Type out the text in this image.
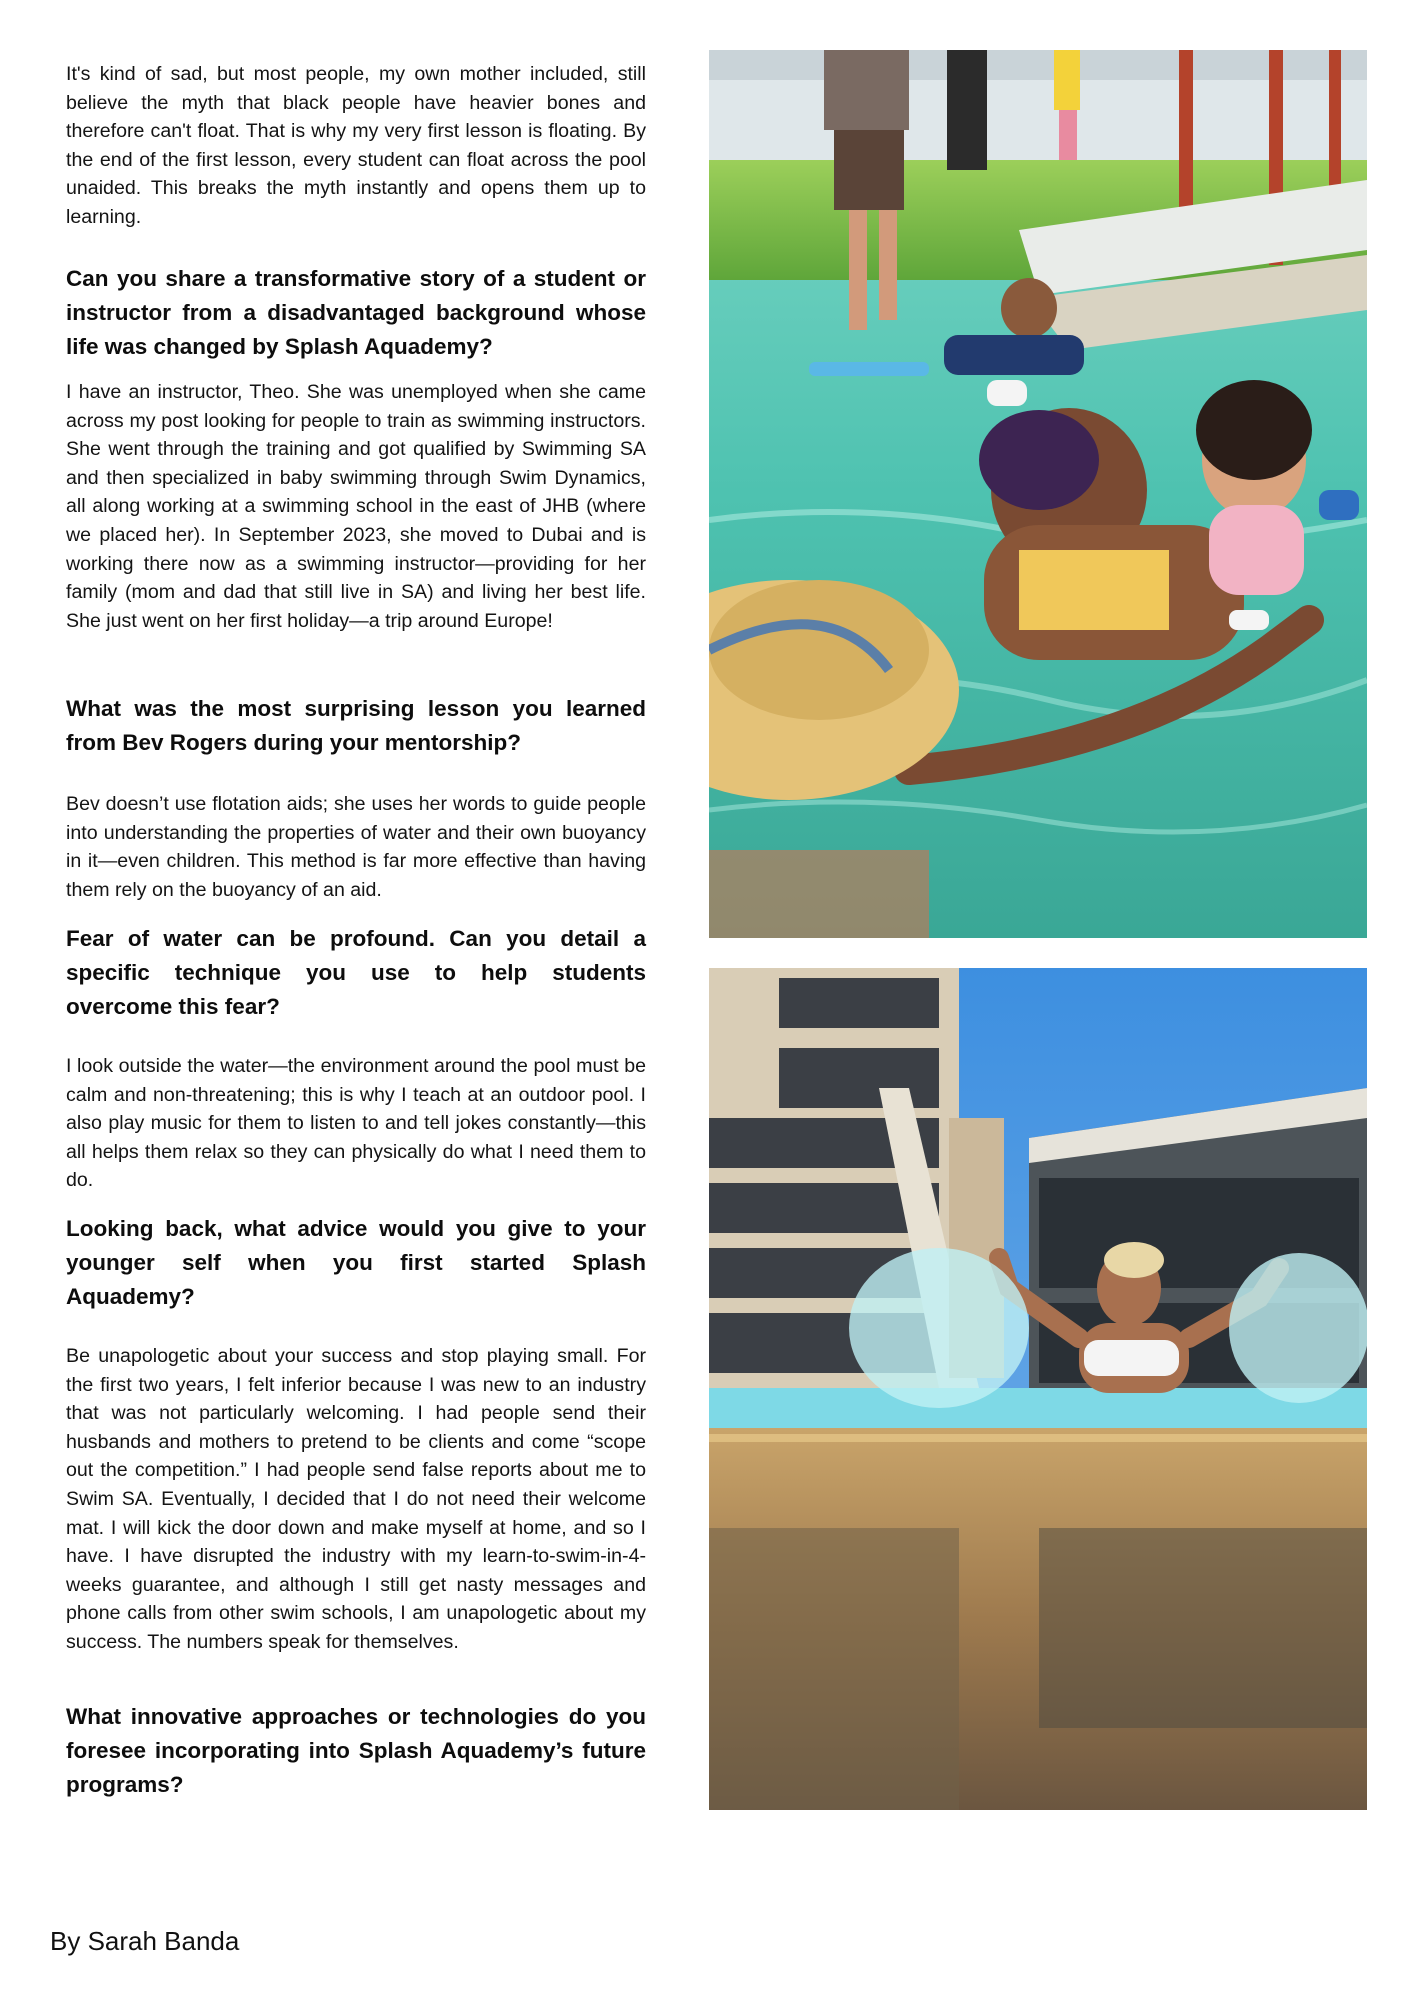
It's kind of sad, but most people, my own mother included, still believe the myth that black people have heavier bones and therefore can't float. That is why my very first lesson is floating. By the end of the first lesson, every student can float across the pool unaided. This breaks the myth instantly and opens them up to learning.

Can you share a transformative story of a student or instructor from a disadvantaged background whose life was changed by Splash Aquademy?

I have an instructor, Theo. She was unemployed when she came across my post looking for people to train as swimming instructors. She went through the training and got qualified by Swimming SA and then specialized in baby swimming through Swim Dynamics, all along working at a swimming school in the east of JHB (where we placed her). In September 2023, she moved to Dubai and is working there now as a swimming instructor—providing for her family (mom and dad that still live in SA) and living her best life. She just went on her first holiday—a trip around Europe!

What was the most surprising lesson you learned from Bev Rogers during your mentorship?

Bev doesn’t use flotation aids; she uses her words to guide people into understanding the properties of water and their own buoyancy in it—even children. This method is far more effective than having them rely on the buoyancy of an aid.

Fear of water can be profound. Can you detail a specific technique you use to help students overcome this fear?

I look outside the water—the environment around the pool must be calm and non-threatening; this is why I teach at an outdoor pool. I also play music for them to listen to and tell jokes constantly—this all helps them relax so they can physically do what I need them to do.

Looking back, what advice would you give to your younger self when you first started Splash Aquademy?

Be unapologetic about your success and stop playing small. For the first two years, I felt inferior because I was new to an industry that was not particularly welcoming. I had people send their husbands and mothers to pretend to be clients and come “scope out the competition.” I had people send false reports about me to Swim SA. Eventually, I decided that I do not need their welcome mat. I will kick the door down and make myself at home, and so I have. I have disrupted the industry with my learn-to-swim-in-4-weeks guarantee, and although I still get nasty messages and phone calls from other swim schools, I am unapologetic about my success. The numbers speak for themselves.

What innovative approaches or technologies do you foresee incorporating into Splash Aquademy’s future programs?

By Sarah Banda
